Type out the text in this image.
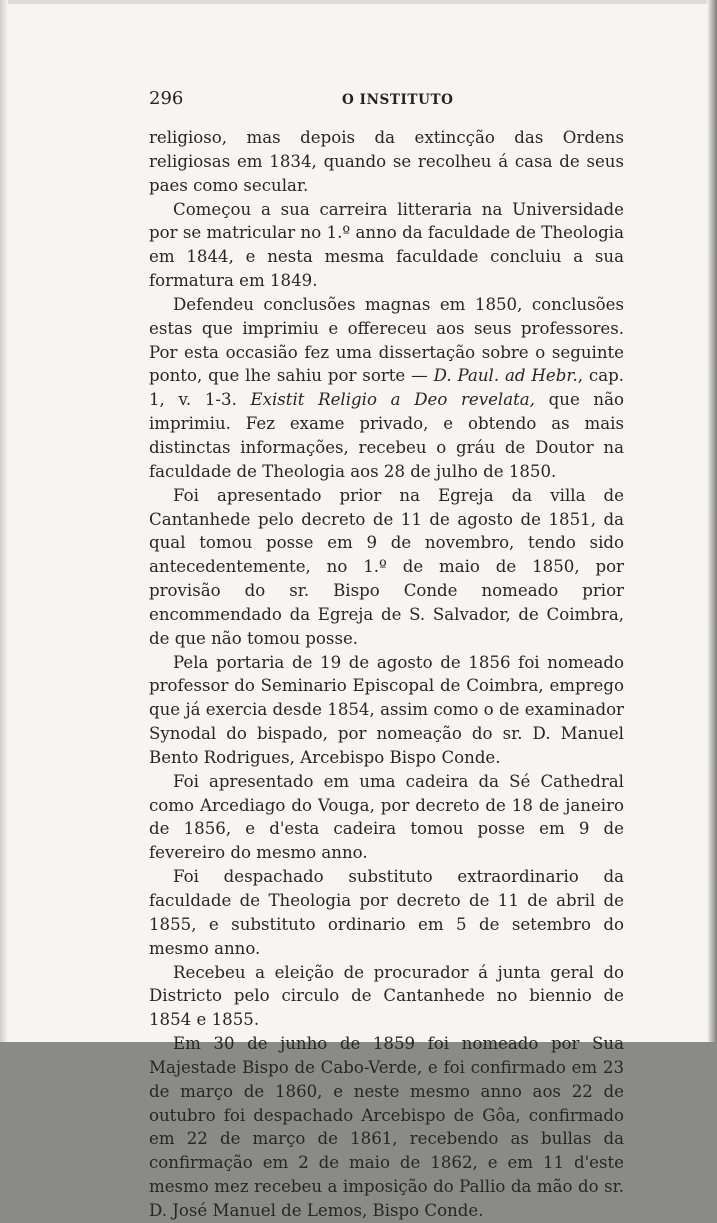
296	O INSTITUTO

religioso, mas depois da extincção das Ordens religiosas em 1834, quando se recolheu á casa de seus paes como secular.

Começou a sua carreira litteraria na Universidade por se matricular no 1.º anno da faculdade de Theologia em 1844, e nesta mesma faculdade concluiu a sua formatura em 1849.

Defendeu conclusões magnas em 1850, conclusões estas que imprimiu e offereceu aos seus professores. Por esta occasião fez uma dissertação sobre o seguinte ponto, que lhe sahiu por sorte — D. Paul. ad Hebr., cap. 1, v. 1-3. Existit Religio a Deo revelata, que não imprimiu. Fez exame privado, e obtendo as mais distinctas informações, recebeu o gráu de Doutor na faculdade de Theologia aos 28 de julho de 1850.

Foi apresentado prior na Egreja da villa de Cantanhede pelo decreto de 11 de agosto de 1851, da qual tomou posse em 9 de novembro, tendo sido antecedentemente, no 1.º de maio de 1850, por provisão do sr. Bispo Conde nomeado prior encommendado da Egreja de S. Salvador, de Coimbra, de que não tomou posse.

Pela portaria de 19 de agosto de 1856 foi nomeado professor do Seminario Episcopal de Coimbra, emprego que já exercia desde 1854, assim como o de examinador Synodal do bispado, por nomeação do sr. D. Manuel Bento Rodrigues, Arcebispo Bispo Conde.

Foi apresentado em uma cadeira da Sé Cathedral como Arcediago do Vouga, por decreto de 18 de janeiro de 1856, e d'esta cadeira tomou posse em 9 de fevereiro do mesmo anno.

Foi despachado substituto extraordinario da faculdade de Theologia por decreto de 11 de abril de 1855, e substituto ordinario em 5 de setembro do mesmo anno.

Recebeu a eleição de procurador á junta geral do Districto pelo circulo de Cantanhede no biennio de 1854 e 1855.

Em 30 de junho de 1859 foi nomeado por Sua Majestade Bispo de Cabo-Verde, e foi confirmado em 23 de março de 1860, e neste mesmo anno aos 22 de outubro foi despachado Arcebispo de Gôa, confirmado em 22 de março de 1861, recebendo as bullas da confirmação em 2 de maio de 1862, e em 11 d'este mesmo mez recebeu a imposição do Pallio da mão do sr. D. José Manuel de Lemos, Bispo Conde.
